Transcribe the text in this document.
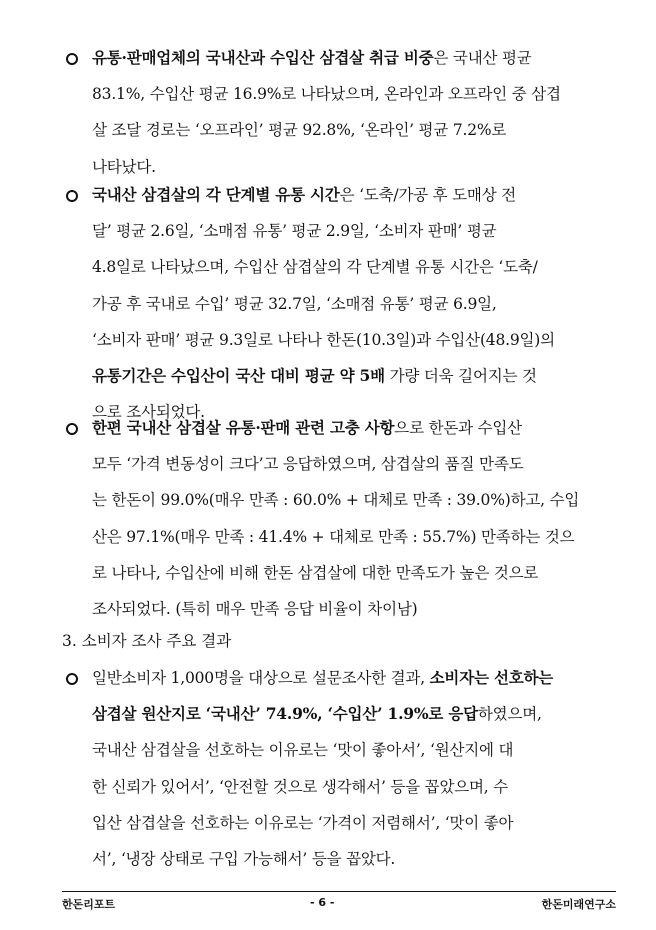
유통·판매업체의 국내산과 수입산 삼겹살 취급 비중은 국내산 평균
83.1%, 수입산 평균 16.9%로 나타났으며, 온라인과 오프라인 중 삼겹
살 조달 경로는 ‘오프라인’ 평균 92.8%, ‘온라인’ 평균 7.2%로
나타났다.
국내산 삼겹살의 각 단계별 유통 시간은 ‘도축/가공 후 도매상 전
달’ 평균 2.6일, ‘소매점 유통’ 평균 2.9일, ‘소비자 판매’ 평균
4.8일로 나타났으며, 수입산 삼겹살의 각 단계별 유통 시간은 ‘도축/
가공 후 국내로 수입’ 평균 32.7일, ‘소매점 유통’ 평균 6.9일,
‘소비자 판매’ 평균 9.3일로 나타나 한돈(10.3일)과 수입산(48.9일)의
유통기간은 수입산이 국산 대비 평균 약 5배 가량 더욱 길어지는 것
으로 조사되었다.
한편 국내산 삼겹살 유통·판매 관련 고충 사항으로 한돈과 수입산
모두 ‘가격 변동성이 크다’고 응답하였으며, 삼겹살의 품질 만족도
는 한돈이 99.0%(매우 만족 : 60.0% + 대체로 만족 : 39.0%)하고, 수입
산은 97.1%(매우 만족 : 41.4% + 대체로 만족 : 55.7%) 만족하는 것으
로 나타나, 수입산에 비해 한돈 삼겹살에 대한 만족도가 높은 것으로
조사되었다. (특히 매우 만족 응답 비율이 차이남)
3. 소비자 조사 주요 결과
일반소비자 1,000명을 대상으로 설문조사한 결과, 소비자는 선호하는
삼겹살 원산지로 ‘국내산’ 74.9%, ‘수입산’ 1.9%로 응답하였으며,
국내산 삼겹살을 선호하는 이유로는 ‘맛이 좋아서’, ‘원산지에 대
한 신뢰가 있어서’, ‘안전할 것으로 생각해서’ 등을 꼽았으며, 수
입산 삼겹살을 선호하는 이유로는 ‘가격이 저렴해서’, ‘맛이 좋아
서’, ‘냉장 상태로 구입 가능해서’ 등을 꼽았다.
한돈리포트	- 6 -	한돈미래연구소
